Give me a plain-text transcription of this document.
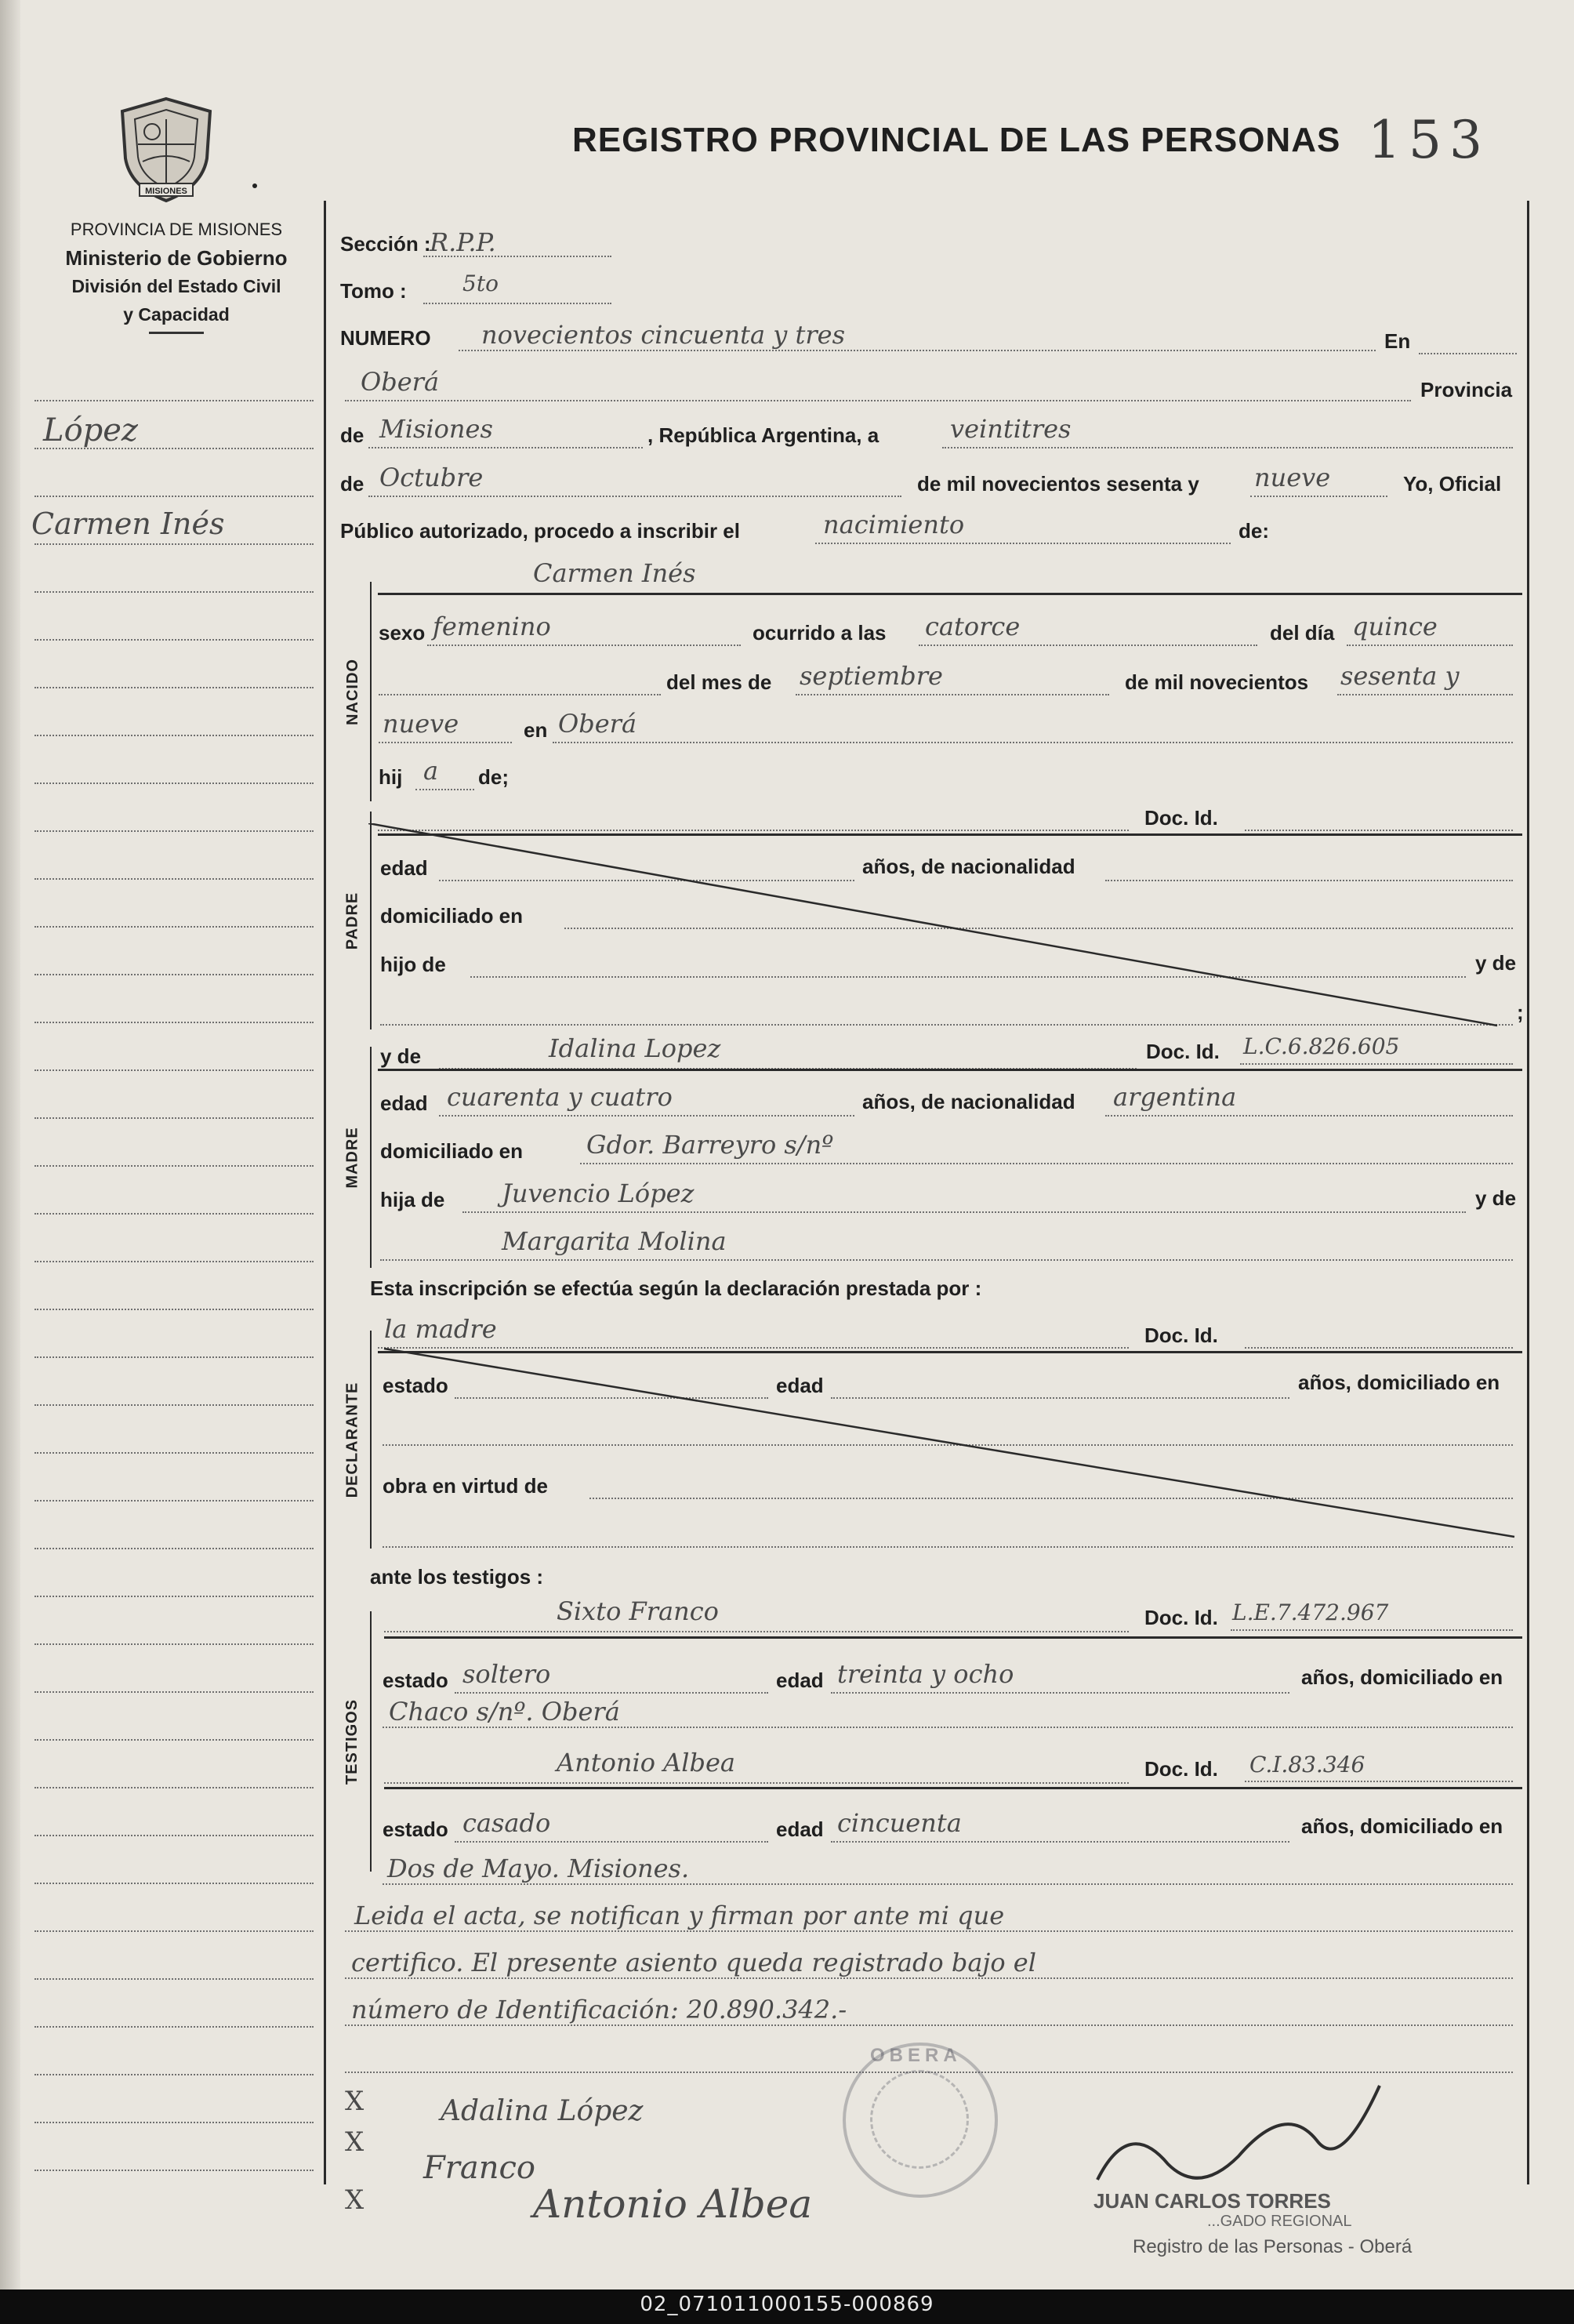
MISIONES
PROVINCIA DE MISIONES
Ministerio de Gobierno
División del Estado Civil
y Capacidad
REGISTRO PROVINCIAL DE LAS PERSONAS 153
López
Carmen Inés
Sección :
R.P.P.
Tomo :	5to
NUMERO novecientos cincuenta y tres	En
Oberá	Provincia
de Misiones	, República Argentina, a	veintitres
de Octubre	de mil novecientos sesenta y nueve	Yo, Oficial
Público autorizado, procedo a inscribir el	nacimiento	de:
NACIDO
Carmen Inés
sexo femenino	ocurrido a las catorce	del día quince
del mes de septiembre	de mil novecientos sesenta y
nueve	en Oberá
hij a de;
PADRE
Doc. Id.
edad	años, de nacionalidad
domiciliado en
hijo de	y de
;
MADRE
y de	Idalina Lopez	Doc. Id. L.C.6.826.605
edad cuarenta y cuatro	años, de nacionalidad argentina
domiciliado en	Gdor. Barreyro s/nº
hija de Juvencio López	y de
Margarita Molina
Esta inscripción se efectúa según la declaración prestada por :
DECLARANTE
la madre	Doc. Id.
estado	edad	años, domiciliado en
obra en virtud de
ante los testigos :
TESTIGOS
Sixto Franco	Doc. Id. L.E.7.472.967
estado soltero	edad treinta y ocho	años, domiciliado en
Chaco s/nº. Oberá
Antonio Albea	Doc. Id. C.I.83.346
estado casado	edad cincuenta	años, domiciliado en
Dos de Mayo. Misiones.
Leida el acta, se notifican y firman por ante mi que
certifico. El presente asiento queda registrado bajo el
número de Identificación: 20.890.342.-
X
X
X
Adalina López
Franco
Antonio Albea
OBERA
JUAN CARLOS TORRES
...GADO REGIONAL
Registro de las Personas - Oberá
02_071011000155-000869
